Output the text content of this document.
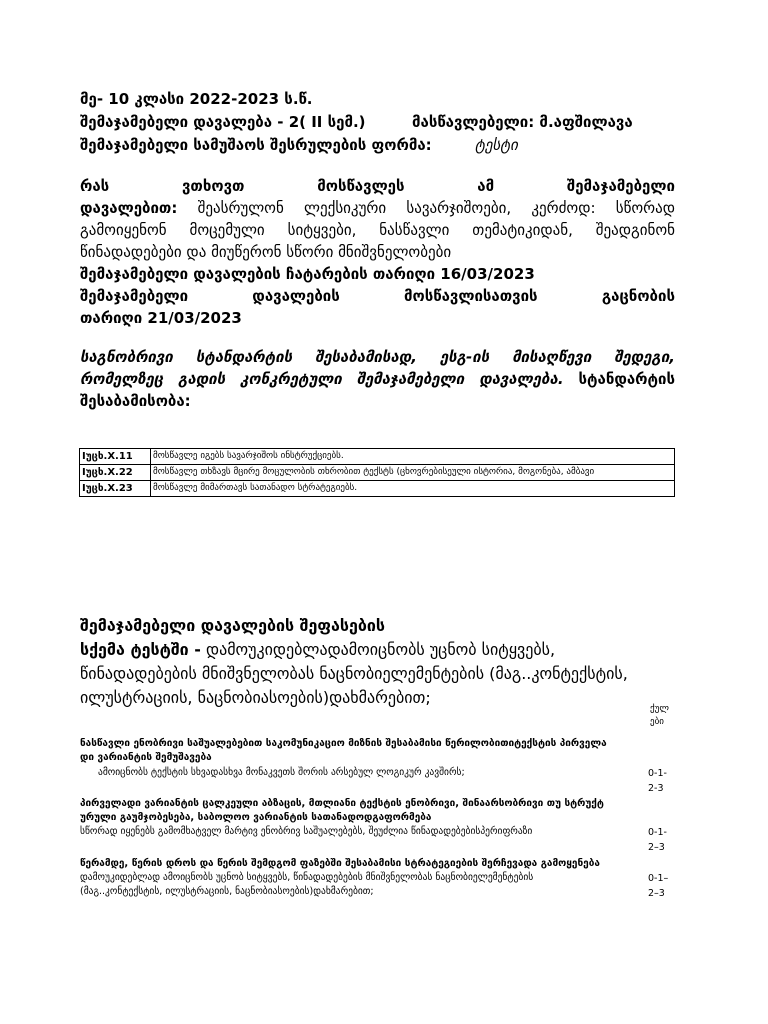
მე- 10 კლასი 2022-2023 ს.წ.
შემაჯამებელი დავალება - 2( II სემ.)	მასწავლებელი: მ.აფშილავა
შემაჯამებელი სამუშაოს შესრულების ფორმა:	ტესტი
რას	ვთხოვთ	მოსწავლეს	ამ	შემაჯამებელი
დავალებით: შეასრულონ ლექსიკური სავარჯიშოები, კერძოდ: სწორად
გამოიყენონ მოცემული სიტყვები, ნასწავლი თემატიკიდან, შეადგინონ
წინადადებები და მიუწერონ სწორი მნიშვნელობები
შემაჯამებელი დავალების ჩატარების თარიღი 16/03/2023
შემაჯამებელი	დავალების	მოსწავლისათვის	გაცნობის
თარიღი 21/03/2023
საგნობრივი სტანდარტის შესაბამისად, ესგ-ის მისაღწევი შედეგი,
რომელზეც გადის კონკრეტული შემაჯამებელი დავალება. სტანდარტის
შესაბამისობა:
Iუცხ.X.11	მოსწავლე იგებს სავარჯიშოს ინსტრუქციებს.
Iუცხ.X.22	მოსწავლე თხზავს მცირე მოცულობის თხრობით ტექსტს (ცხოვრებისეული ისტორია, მოგონება, ამბავი
Iუცხ.X.23	მოსწავლე მიმართავს სათანადო სტრატეგიებს.
შემაჯამებელი დავალების შეფასების
სქემა ტესტში - დამოუკიდებლადამოიცნობს უცნობ სიტყვებს,
წინადადებების მნიშვნელობას ნაცნობიელემენტების (მაგ..კონტექსტის,
ილუსტრაციის, ნაცნობიასოების)დახმარებით;
ქულ
ები
ნასწავლი ენობრივი საშუალებებით საკომუნიკაციო მიზნის შესაბამისი წერილობითიტექსტის პირველა
დი ვარიანტის შემუშავება
ამოიცნობს ტექსტის სხვადასხვა მონაკვეთს შორის არსებულ ლოგიკურ კავშირს;	0-1-
2-3
პირველადი ვარიანტის ცალკეული აბზაცის, მთლიანი ტექსტის ენობრივი, შინაარსობრივი თუ სტრუქტ
ურული გაუმჯობესება, საბოლოო ვარიანტის სათანადოდგაფორმება
სწორად იყენებს გამომხატველ მარტივ ენობრივ საშუალებებს, შეუძლია წინადადებებისპერიფრაზი	0-1-
2–3
წერამდე, წერის დროს და წერის შემდგომ ფაზებში შესაბამისი სტრატეგიების შერჩევადა გამოყენება
დამოუკიდებლად ამოიცნობს უცნობ სიტყვებს, წინადადებების მნიშვნელობას ნაცნობიელემენტების
(მაგ..კონტექსტის, ილუსტრაციის, ნაცნობიასოების)დახმარებით;
0-1–
2–3
